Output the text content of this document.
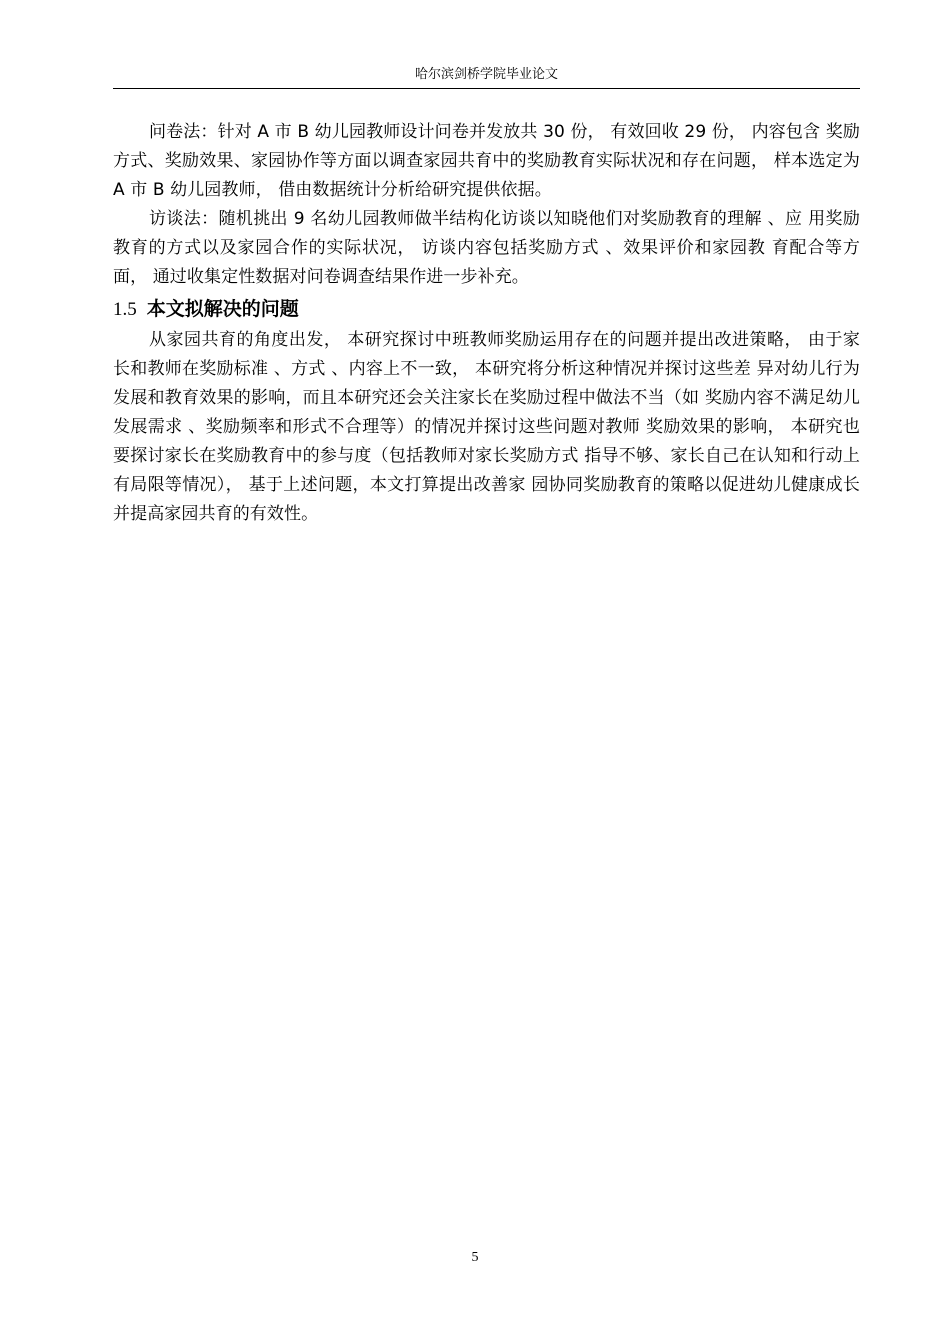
哈尔滨剑桥学院毕业论文

问卷法：针对 A 市 B 幼儿园教师设计问卷并发放共 30 份， 有效回收 29 份， 内容包含 奖励方式、奖励效果、家园协作等方面以调查家园共育中的奖励教育实际状况和存在问题， 样本选定为 A 市 B 幼儿园教师， 借由数据统计分析给研究提供依据。

访谈法：随机挑出 9 名幼儿园教师做半结构化访谈以知晓他们对奖励教育的理解 、应 用奖励教育的方式以及家园合作的实际状况， 访谈内容包括奖励方式 、效果评价和家园教 育配合等方面， 通过收集定性数据对问卷调查结果作进一步补充。

1.5 本文拟解决的问题

从家园共育的角度出发， 本研究探讨中班教师奖励运用存在的问题并提出改进策略， 由于家长和教师在奖励标准 、方式 、内容上不一致， 本研究将分析这种情况并探讨这些差 异对幼儿行为发展和教育效果的影响，而且本研究还会关注家长在奖励过程中做法不当（如 奖励内容不满足幼儿发展需求 、奖励频率和形式不合理等）的情况并探讨这些问题对教师 奖励效果的影响， 本研究也要探讨家长在奖励教育中的参与度（包括教师对家长奖励方式 指导不够、家长自己在认知和行动上有局限等情况）， 基于上述问题，本文打算提出改善家 园协同奖励教育的策略以促进幼儿健康成长并提高家园共育的有效性。

5
